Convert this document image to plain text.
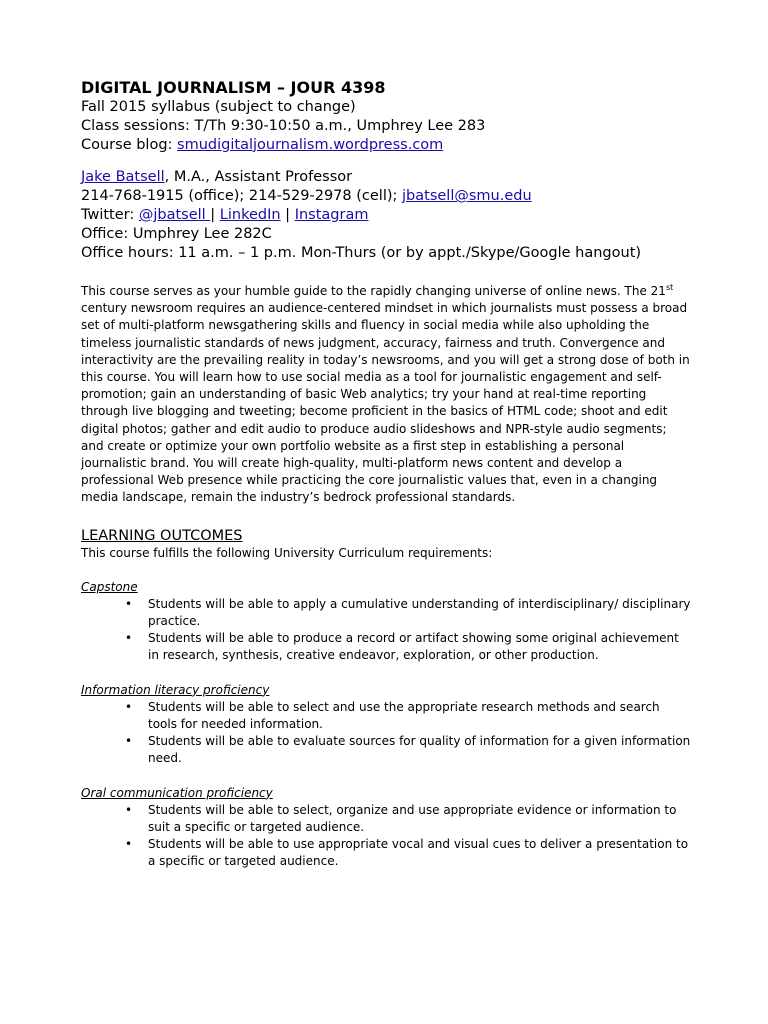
DIGITAL JOURNALISM – JOUR 4398
Fall 2015 syllabus (subject to change)
Class sessions: T/Th 9:30-10:50 a.m., Umphrey Lee 283
Course blog: smudigitaljournalism.wordpress.com
Jake Batsell, M.A., Assistant Professor
214-768-1915 (office); 214-529-2978 (cell); jbatsell@smu.edu
Twitter: @jbatsell | LinkedIn | Instagram
Office: Umphrey Lee 282C
Office hours: 11 a.m. – 1 p.m. Mon-Thurs (or by appt./Skype/Google hangout)

This course serves as your humble guide to the rapidly changing universe of online news. The 21st century newsroom requires an audience-centered mindset in which journalists must possess a broad set of multi-platform newsgathering skills and fluency in social media while also upholding the timeless journalistic standards of news judgment, accuracy, fairness and truth. Convergence and interactivity are the prevailing reality in today’s newsrooms, and you will get a strong dose of both in this course. You will learn how to use social media as a tool for journalistic engagement and self-promotion; gain an understanding of basic Web analytics; try your hand at real-time reporting through live blogging and tweeting; become proficient in the basics of HTML code; shoot and edit digital photos; gather and edit audio to produce audio slideshows and NPR-style audio segments; and create or optimize your own portfolio website as a first step in establishing a personal journalistic brand. You will create high-quality, multi-platform news content and develop a professional Web presence while practicing the core journalistic values that, even in a changing media landscape, remain the industry’s bedrock professional standards.

LEARNING OUTCOMES
This course fulfills the following University Curriculum requirements:
Capstone
• Students will be able to apply a cumulative understanding of interdisciplinary/ disciplinary practice.
• Students will be able to produce a record or artifact showing some original achievement in research, synthesis, creative endeavor, exploration, or other production.
Information literacy proficiency
• Students will be able to select and use the appropriate research methods and search tools for needed information.
• Students will be able to evaluate sources for quality of information for a given information need.
Oral communication proficiency
• Students will be able to select, organize and use appropriate evidence or information to suit a specific or targeted audience.
• Students will be able to use appropriate vocal and visual cues to deliver a presentation to a specific or targeted audience.
